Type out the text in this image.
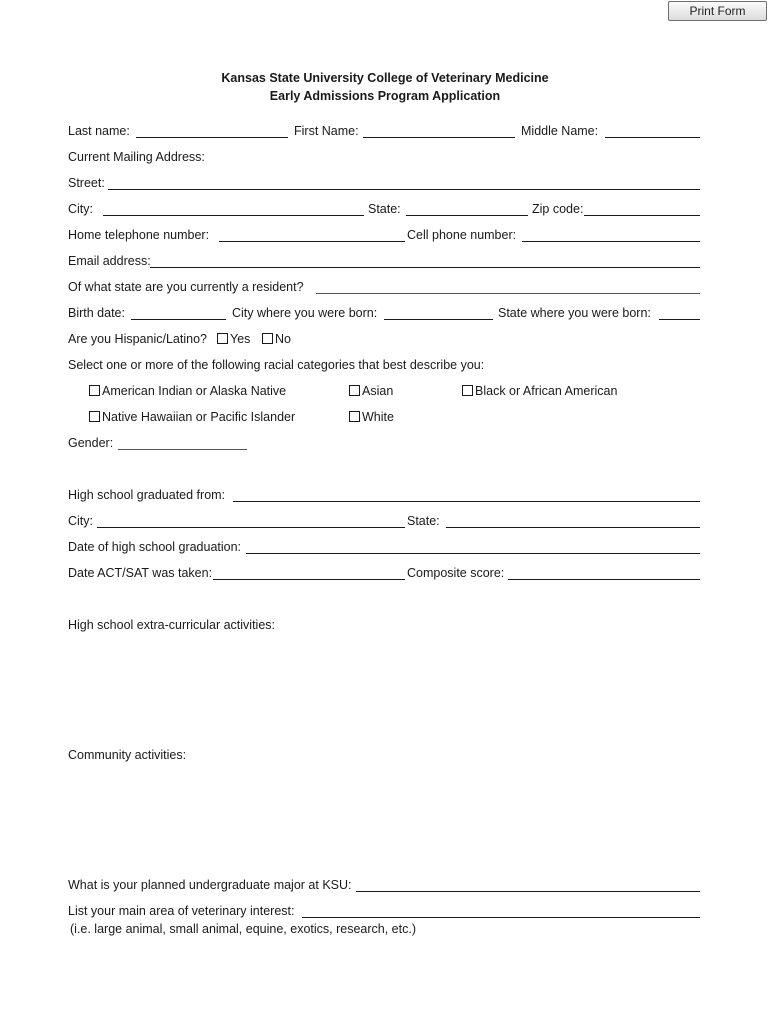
Print Form
Kansas State University College of Veterinary Medicine
Early Admissions Program Application
Last name:	First Name:	Middle Name:
Current Mailing Address:
Street:
City:	State:	Zip code:
Home telephone number:	Cell phone number:
Email address:
Of what state are you currently a resident?
Birth date:	City where you were born:	State where you were born:
Are you Hispanic/Latino? Yes No
Select one or more of the following racial categories that best describe you:
American Indian or Alaska Native	Asian	Black or African American
Native Hawaiian or Pacific Islander	White
Gender:
High school graduated from:
City:	State:
Date of high school graduation:
Date ACT/SAT was taken:	Composite score:
High school extra-curricular activities:
Community activities:
What is your planned undergraduate major at KSU:
List your main area of veterinary interest:
(i.e. large animal, small animal, equine, exotics, research, etc.)
